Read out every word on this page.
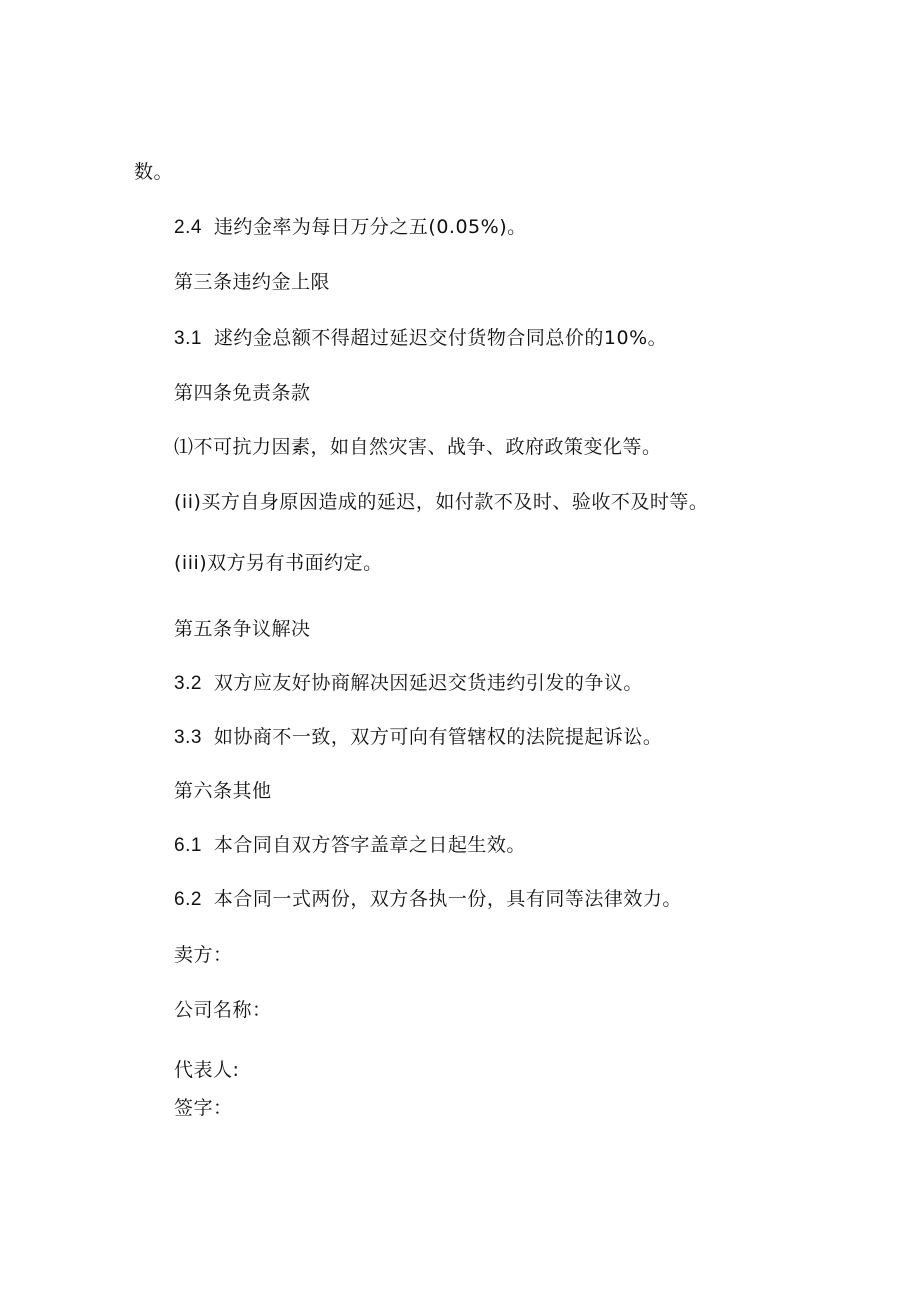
数。
2.4 违约金率为每日万分之五(0.05%)。
第三条违约金上限
3.1 逑约金总额不得超过延迟交付货物合同总价的10%。
第四条免责条款
⑴不可抗力因素，如自然灾害、战争、政府政策变化等。
(ii)买方自身原因造成的延迟，如付款不及时、验收不及时等。
(iii)双方另有书面约定。
第五条争议解决
3.2 双方应友好协商解决因延迟交货违约引发的争议。
3.3 如协商不一致，双方可向有管辖权的法院提起诉讼。
第六条其他
6.1 本合同自双方答字盖章之日起生效。
6.2 本合同一式两份，双方各执一份，具有同等法律效力。
卖方：
公司名称：
代表人:
签字：
